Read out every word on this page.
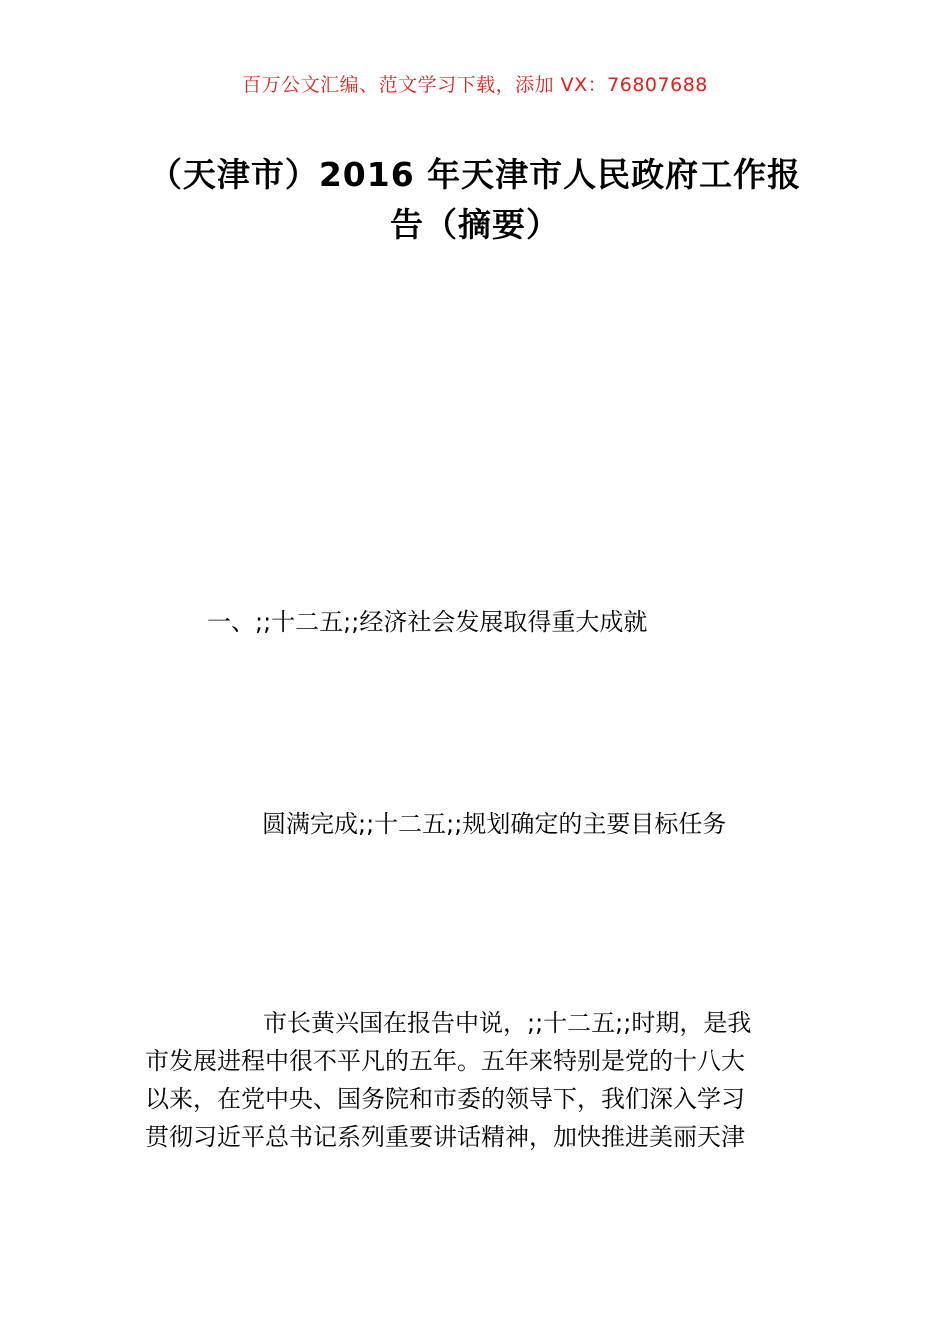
百万公文汇编、范文学习下载，添加 VX：76807688
（天津市）2016 年天津市人民政府工作报
告（摘要）
一、;;十二五;;经济社会发展取得重大成就
圆满完成;;十二五;;规划确定的主要目标任务
市长黄兴国在报告中说，;;十二五;;时期，是我
市发展进程中很不平凡的五年。五年来特别是党的十八大
以来，在党中央、国务院和市委的领导下，我们深入学习
贯彻习近平总书记系列重要讲话精神，加快推进美丽天津
